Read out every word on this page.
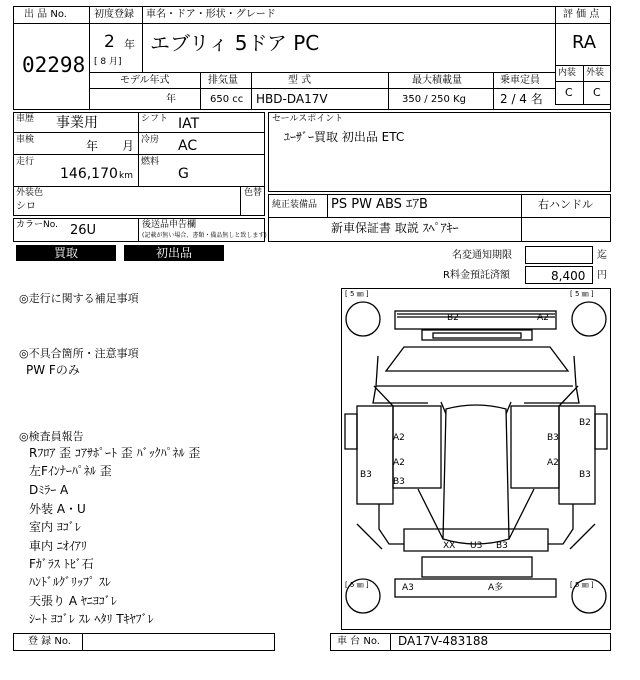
出 品 No.
02298
初度登録 車名・ドア・形状・グレード
2 年
[ 8 月]
エブリィ 5ドア PC
評 価 点
RA
内装 外装
C C
モデル年式	排気量	型 式	最大積載量	乗車定員
年	650 cc HBD-DA17V	350 / 250 Kg	2 / 4 名
車歴 事業用	シフト IAT
車検	年 月 冷房 AC
走行
146,170 km
燃料
G
外装色
シロ
色替
カラーNo. 26U	後送品申告欄
(記載が無い場合、書類・備品無しと致します)
セールスポイント
ﾕｰｻﾞｰ買取 初出品 ETC
純正装備品 PS PW ABS ｴｱB	右ハンドル
新車保証書 取説 ｽﾍﾟｱｷｰ
買取	初出品	名変通知期限	迄
R料金預託済額	8,400 円
◎走行に関する補足事項
◎不具合箇所・注意事項
PW Fのみ
◎検査員報告
Rﾌﾛｱ 歪 ｺｱｻﾎﾟｰﾄ 歪 ﾊﾞｯｸﾊﾟﾈﾙ 歪
左Fｲﾝﾅｰﾊﾟﾈﾙ 歪
Dﾐﾗｰ A
外装 A・U
室内 ﾖｺﾞﾚ
車内 ﾆｵｲｱﾘ
Fｶﾞﾗｽ ﾄﾋﾞ石
ﾊﾝﾄﾞﾙｸﾞﾘｯﾌﾟ ｽﾚ
天張り A ﾔﾆﾖｺﾞﾚ
ｼｰﾄ ﾖｺﾞﾚ ｽﾚ ﾍﾀﾘ Tｷﾔﾌﾞﾚ
[ 5 ㎜ ]	[ 5 ㎜ ]
[ 5 ㎜ ]	[ 5 ㎜ ]
B2	A2
A2
A2
B3
B3
B3
A2
B2
B3
XX U3 B3
A3	A多
登 録 No.	車 台 No. DA17V-483188
